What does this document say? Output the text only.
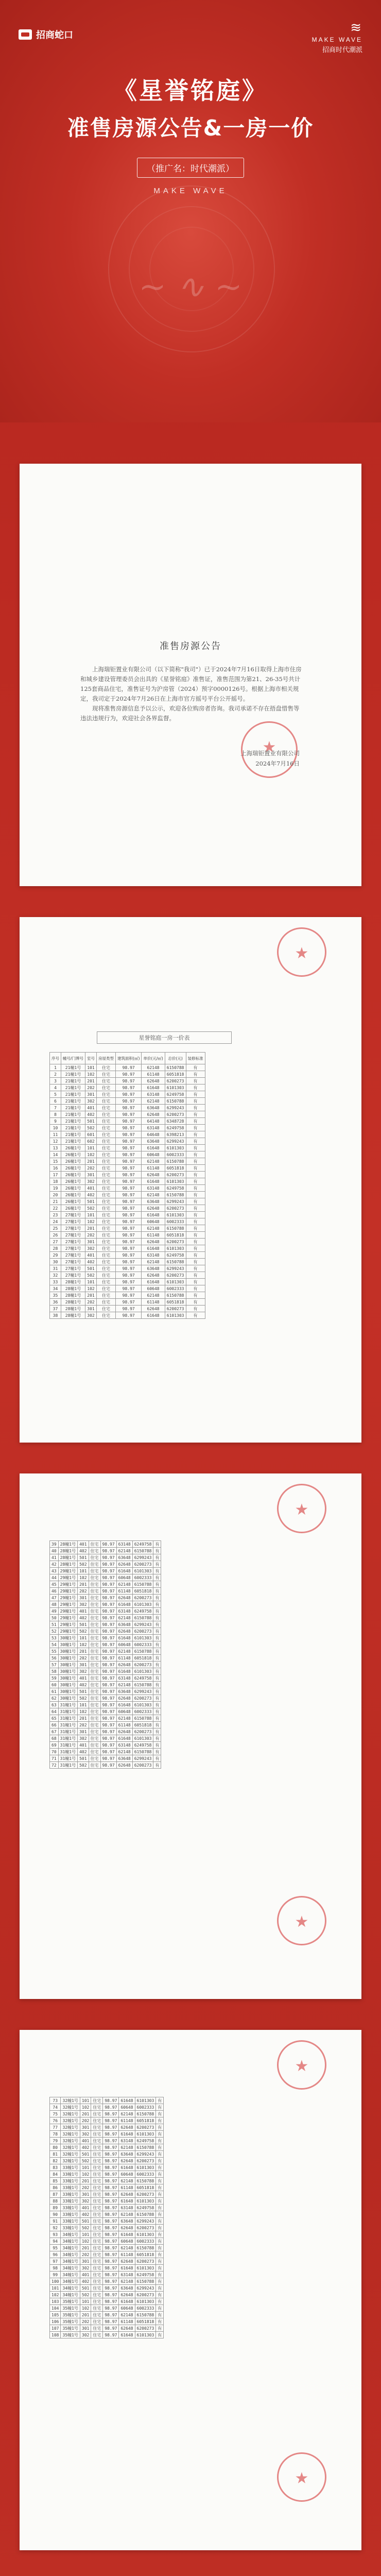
招商蛇口	≋
MAKE WAVE
招商时代潮派
《星誉铭庭》
准售房源公告&一房一价
（推广名：时代潮派）
MAKE WAVE
~ ∿ ~
准售房源公告

上海瑞钜置业有限公司（以下简称"我司"）已于2024年7月16日取得上海市住房和城乡建设管理委员会出具的《星誉铭庭》准售证，准售范围为第21、26-35号共计125套商品住宅，准售证号为沪房管（2024）预字0000126号。根据上海市相关规定，我司定于2024年7月26日在上海市官方摇号平台公开摇号。

现将准售房源信息予以公示，欢迎各位购房者咨询。我司承诺不存在捂盘惜售等违法违规行为，欢迎社会各界监督。

★
上海瑞钜置业有限公司
2024年7月16日
★
星誉铭庭一房一价表
序号	幢号/门牌号	室号	房屋类型	建筑面积(㎡)	单价(元/㎡)	总价(元)	装修标准
1	21幢1号	101	住宅	98.97	62148	6150788	有
2	21幢1号	102	住宅	98.97	61148	6051818	有
3	21幢1号	201	住宅	98.97	62648	6200273	有
4	21幢1号	202	住宅	98.97	61648	6101303	有
5	21幢1号	301	住宅	98.97	63148	6249758	有
6	21幢1号	302	住宅	98.97	62148	6150788	有
7	21幢1号	401	住宅	98.97	63648	6299243	有
8	21幢1号	402	住宅	98.97	62648	6200273	有
9	21幢1号	501	住宅	98.97	64148	6348728	有
10	21幢1号	502	住宅	98.97	63148	6249758	有
11	21幢1号	601	住宅	98.97	64648	6398213	有
12	21幢1号	602	住宅	98.97	63648	6299243	有
13	26幢1号	101	住宅	98.97	61648	6101303	有
14	26幢1号	102	住宅	98.97	60648	6002333	有
15	26幢1号	201	住宅	98.97	62148	6150788	有
16	26幢1号	202	住宅	98.97	61148	6051818	有
17	26幢1号	301	住宅	98.97	62648	6200273	有
18	26幢1号	302	住宅	98.97	61648	6101303	有
19	26幢1号	401	住宅	98.97	63148	6249758	有
20	26幢1号	402	住宅	98.97	62148	6150788	有
21	26幢1号	501	住宅	98.97	63648	6299243	有
22	26幢1号	502	住宅	98.97	62648	6200273	有
23	27幢1号	101	住宅	98.97	61648	6101303	有
24	27幢1号	102	住宅	98.97	60648	6002333	有
25	27幢1号	201	住宅	98.97	62148	6150788	有
26	27幢1号	202	住宅	98.97	61148	6051818	有
27	27幢1号	301	住宅	98.97	62648	6200273	有
28	27幢1号	302	住宅	98.97	61648	6101303	有
29	27幢1号	401	住宅	98.97	63148	6249758	有
30	27幢1号	402	住宅	98.97	62148	6150788	有
31	27幢1号	501	住宅	98.97	63648	6299243	有
32	27幢1号	502	住宅	98.97	62648	6200273	有
33	28幢1号	101	住宅	98.97	61648	6101303	有
34	28幢1号	102	住宅	98.97	60648	6002333	有
35	28幢1号	201	住宅	98.97	62148	6150788	有
36	28幢1号	202	住宅	98.97	61148	6051818	有
37	28幢1号	301	住宅	98.97	62648	6200273	有
38	28幢1号	302	住宅	98.97	61648	6101303	有
★
39	28幢1号	401	住宅	98.97	63148	6249758	有
40	28幢1号	402	住宅	98.97	62148	6150788	有
41	28幢1号	501	住宅	98.97	63648	6299243	有
42	28幢1号	502	住宅	98.97	62648	6200273	有
43	29幢1号	101	住宅	98.97	61648	6101303	有
44	29幢1号	102	住宅	98.97	60648	6002333	有
45	29幢1号	201	住宅	98.97	62148	6150788	有
46	29幢1号	202	住宅	98.97	61148	6051818	有
47	29幢1号	301	住宅	98.97	62648	6200273	有
48	29幢1号	302	住宅	98.97	61648	6101303	有
49	29幢1号	401	住宅	98.97	63148	6249758	有
50	29幢1号	402	住宅	98.97	62148	6150788	有
51	29幢1号	501	住宅	98.97	63648	6299243	有
52	29幢1号	502	住宅	98.97	62648	6200273	有
53	30幢1号	101	住宅	98.97	61648	6101303	有
54	30幢1号	102	住宅	98.97	60648	6002333	有
55	30幢1号	201	住宅	98.97	62148	6150788	有
56	30幢1号	202	住宅	98.97	61148	6051818	有
57	30幢1号	301	住宅	98.97	62648	6200273	有
58	30幢1号	302	住宅	98.97	61648	6101303	有
59	30幢1号	401	住宅	98.97	63148	6249758	有
60	30幢1号	402	住宅	98.97	62148	6150788	有
61	30幢1号	501	住宅	98.97	63648	6299243	有
62	30幢1号	502	住宅	98.97	62648	6200273	有
63	31幢1号	101	住宅	98.97	61648	6101303	有
64	31幢1号	102	住宅	98.97	60648	6002333	有
65	31幢1号	201	住宅	98.97	62148	6150788	有
66	31幢1号	202	住宅	98.97	61148	6051818	有
67	31幢1号	301	住宅	98.97	62648	6200273	有
68	31幢1号	302	住宅	98.97	61648	6101303	有
69	31幢1号	401	住宅	98.97	63148	6249758	有
70	31幢1号	402	住宅	98.97	62148	6150788	有
71	31幢1号	501	住宅	98.97	63648	6299243	有
72	31幢1号	502	住宅	98.97	62648	6200273	有
★
★
73	32幢1号	101	住宅	98.97	61648	6101303	有
74	32幢1号	102	住宅	98.97	60648	6002333	有
75	32幢1号	201	住宅	98.97	62148	6150788	有
76	32幢1号	202	住宅	98.97	61148	6051818	有
77	32幢1号	301	住宅	98.97	62648	6200273	有
78	32幢1号	302	住宅	98.97	61648	6101303	有
79	32幢1号	401	住宅	98.97	63148	6249758	有
80	32幢1号	402	住宅	98.97	62148	6150788	有
81	32幢1号	501	住宅	98.97	63648	6299243	有
82	32幢1号	502	住宅	98.97	62648	6200273	有
83	33幢1号	101	住宅	98.97	61648	6101303	有
84	33幢1号	102	住宅	98.97	60648	6002333	有
85	33幢1号	201	住宅	98.97	62148	6150788	有
86	33幢1号	202	住宅	98.97	61148	6051818	有
87	33幢1号	301	住宅	98.97	62648	6200273	有
88	33幢1号	302	住宅	98.97	61648	6101303	有
89	33幢1号	401	住宅	98.97	63148	6249758	有
90	33幢1号	402	住宅	98.97	62148	6150788	有
91	33幢1号	501	住宅	98.97	63648	6299243	有
92	33幢1号	502	住宅	98.97	62648	6200273	有
93	34幢1号	101	住宅	98.97	61648	6101303	有
94	34幢1号	102	住宅	98.97	60648	6002333	有
95	34幢1号	201	住宅	98.97	62148	6150788	有
96	34幢1号	202	住宅	98.97	61148	6051818	有
97	34幢1号	301	住宅	98.97	62648	6200273	有
98	34幢1号	302	住宅	98.97	61648	6101303	有
99	34幢1号	401	住宅	98.97	63148	6249758	有
100	34幢1号	402	住宅	98.97	62148	6150788	有
101	34幢1号	501	住宅	98.97	63648	6299243	有
102	34幢1号	502	住宅	98.97	62648	6200273	有
103	35幢1号	101	住宅	98.97	61648	6101303	有
104	35幢1号	102	住宅	98.97	60648	6002333	有
105	35幢1号	201	住宅	98.97	62148	6150788	有
106	35幢1号	202	住宅	98.97	61148	6051818	有
107	35幢1号	301	住宅	98.97	62648	6200273	有
108	35幢1号	302	住宅	98.97	61648	6101303	有
★
